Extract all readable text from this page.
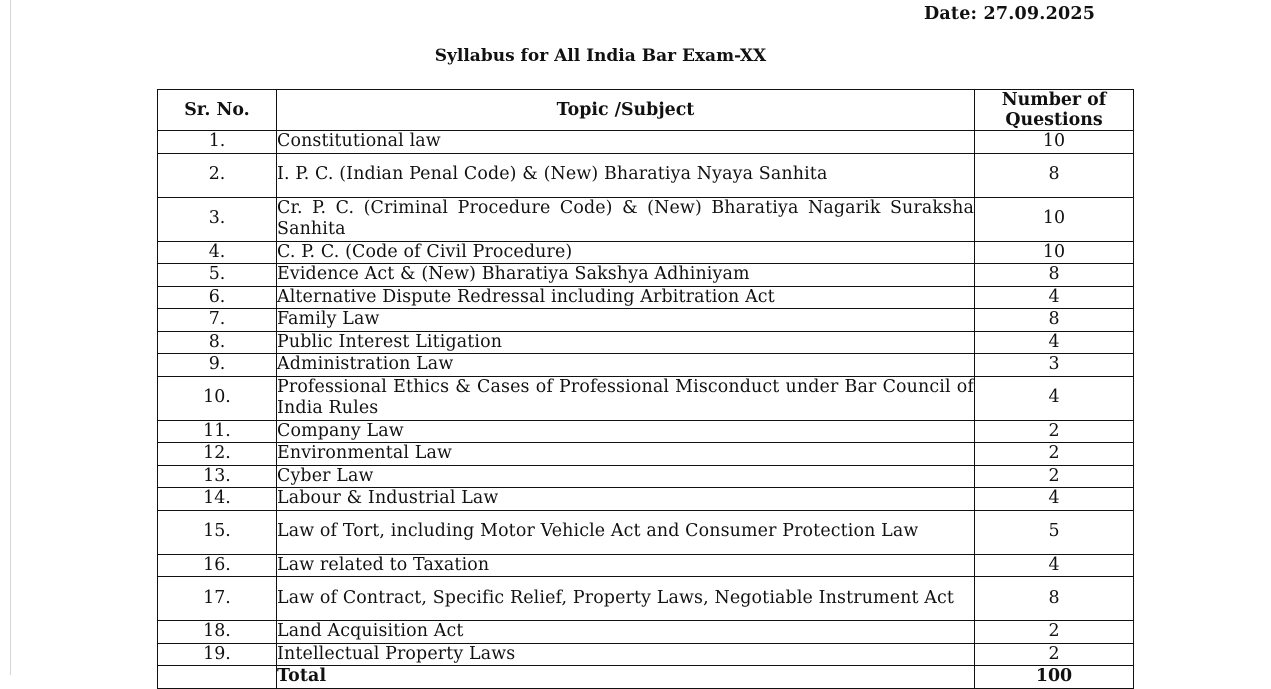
Date: 27.09.2025
Syllabus for All India Bar Exam-XX
Sr. No.	Topic /Subject	Number of Questions
1.	Constitutional law	10
2.	I. P. C. (Indian Penal Code) & (New) Bharatiya Nyaya Sanhita	8
3.	Cr. P. C. (Criminal Procedure Code) & (New) Bharatiya Nagarik Suraksha Sanhita	10
4.	C. P. C. (Code of Civil Procedure)	10
5.	Evidence Act & (New) Bharatiya Sakshya Adhiniyam	8
6.	Alternative Dispute Redressal including Arbitration Act	4
7.	Family Law	8
8.	Public Interest Litigation	4
9.	Administration Law	3
10.	Professional Ethics & Cases of Professional Misconduct under Bar Council of India Rules	4
11.	Company Law	2
12.	Environmental Law	2
13.	Cyber Law	2
14.	Labour & Industrial Law	4
15.	Law of Tort, including Motor Vehicle Act and Consumer Protection Law	5
16.	Law related to Taxation	4
17.	Law of Contract, Specific Relief, Property Laws, Negotiable Instrument Act	8
18.	Land Acquisition Act	2
19.	Intellectual Property Laws	2
	Total	100
